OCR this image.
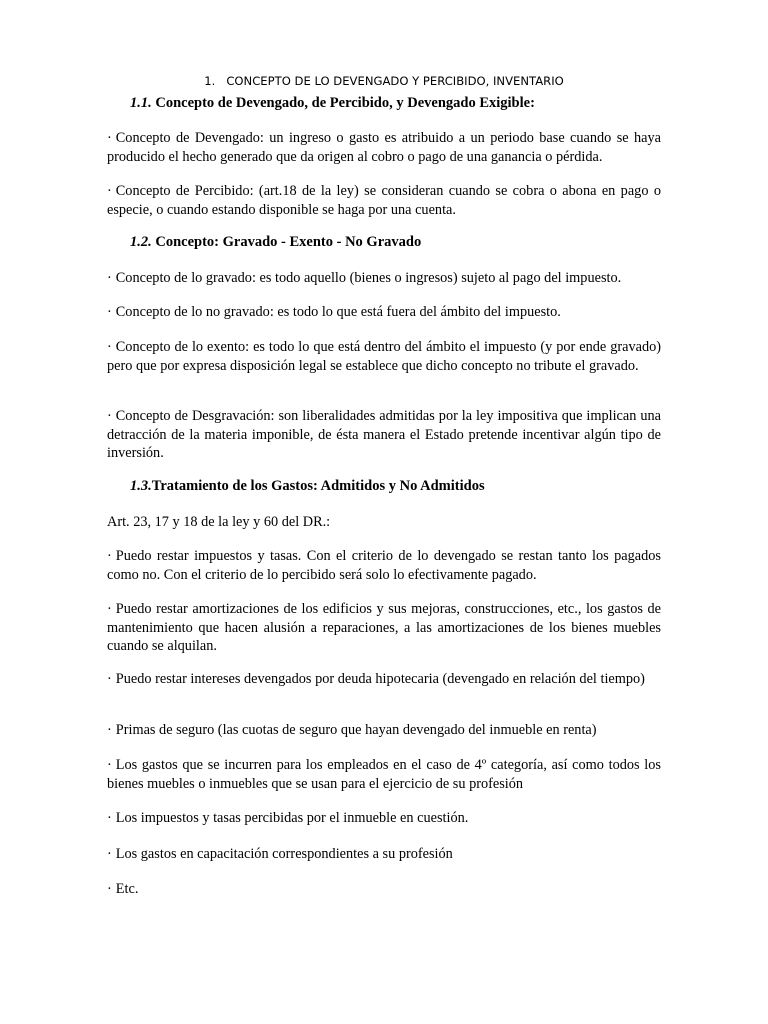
1. CONCEPTO DE LO DEVENGADO Y PERCIBIDO, INVENTARIO
1.1. Concepto de Devengado, de Percibido, y Devengado Exigible:
· Concepto de Devengado: un ingreso o gasto es atribuido a un periodo base cuando se haya producido el hecho generado que da origen al cobro o pago de una ganancia o pérdida.
· Concepto de Percibido: (art.18 de la ley) se consideran cuando se cobra o abona en pago o especie, o cuando estando disponible se haga por una cuenta.
1.2. Concepto: Gravado - Exento - No Gravado
· Concepto de lo gravado: es todo aquello (bienes o ingresos) sujeto al pago del impuesto.
· Concepto de lo no gravado: es todo lo que está fuera del ámbito del impuesto.
· Concepto de lo exento: es todo lo que está dentro del ámbito el impuesto (y por ende gravado) pero que por expresa disposición legal se establece que dicho concepto no tribute el gravado.
· Concepto de Desgravación: son liberalidades admitidas por la ley impositiva que implican una detracción de la materia imponible, de ésta manera el Estado pretende incentivar algún tipo de inversión.
1.3.Tratamiento de los Gastos: Admitidos y No Admitidos
Art. 23, 17 y 18 de la ley y 60 del DR.:
· Puedo restar impuestos y tasas. Con el criterio de lo devengado se restan tanto los pagados como no. Con el criterio de lo percibido será solo lo efectivamente pagado.
· Puedo restar amortizaciones de los edificios y sus mejoras, construcciones, etc., los gastos de mantenimiento que hacen alusión a reparaciones, a las amortizaciones de los bienes muebles cuando se alquilan.
· Puedo restar intereses devengados por deuda hipotecaria (devengado en relación del tiempo)
· Primas de seguro (las cuotas de seguro que hayan devengado del inmueble en renta)
· Los gastos que se incurren para los empleados en el caso de 4º categoría, así como todos los bienes muebles o inmuebles que se usan para el ejercicio de su profesión
· Los impuestos y tasas percibidas por el inmueble en cuestión.
· Los gastos en capacitación correspondientes a su profesión
· Etc.
